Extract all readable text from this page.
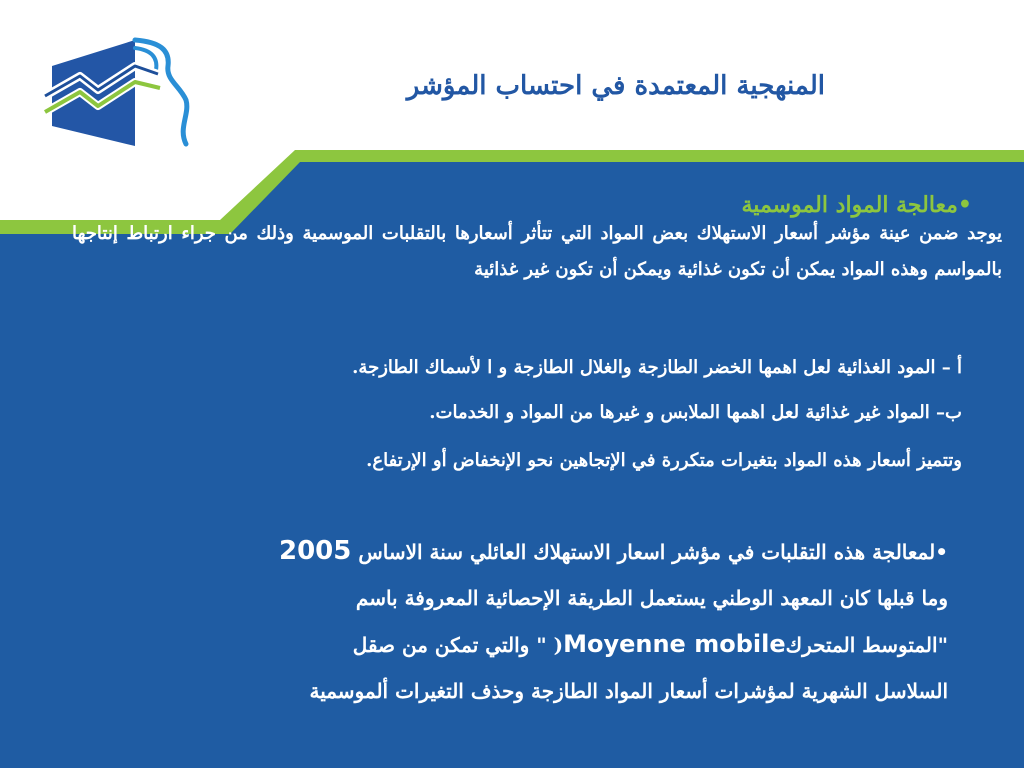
المنهجية المعتمدة في احتساب المؤشر
•معالجة المواد الموسمية
يوجد ضمن عينة مؤشر أسعار الاستهلاك بعض المواد التي تتأثر أسعارها بالتقلبات الموسمية وذلك من جراء ارتباط إنتاجها بالمواسم وهذه المواد يمكن أن تكون غذائية ويمكن أن تكون غير غذائية
أ – المود الغذائية لعل اهمها الخضر الطازجة والغلال الطازجة و ا لأسماك الطازجة.
ب– المواد غير غذائية لعل اهمها الملابس و غيرها من المواد و الخدمات.
وتتميز أسعار هذه المواد بتغيرات متكررة في الإتجاهين نحو الإنخفاض أو الإرتفاع.
•لمعالجة هذه التقلبات في مؤشر اسعار الاستهلاك العائلي سنة الاساس 2005
وما قبلها كان المعهد الوطني يستعمل الطريقة الإحصائية المعروفة باسم
"المتوسط المتحركMoyenne mobile( " والتي تمكن من صقل
السلاسل الشهرية لمؤشرات أسعار المواد الطازجة وحذف التغيرات ألموسمية
